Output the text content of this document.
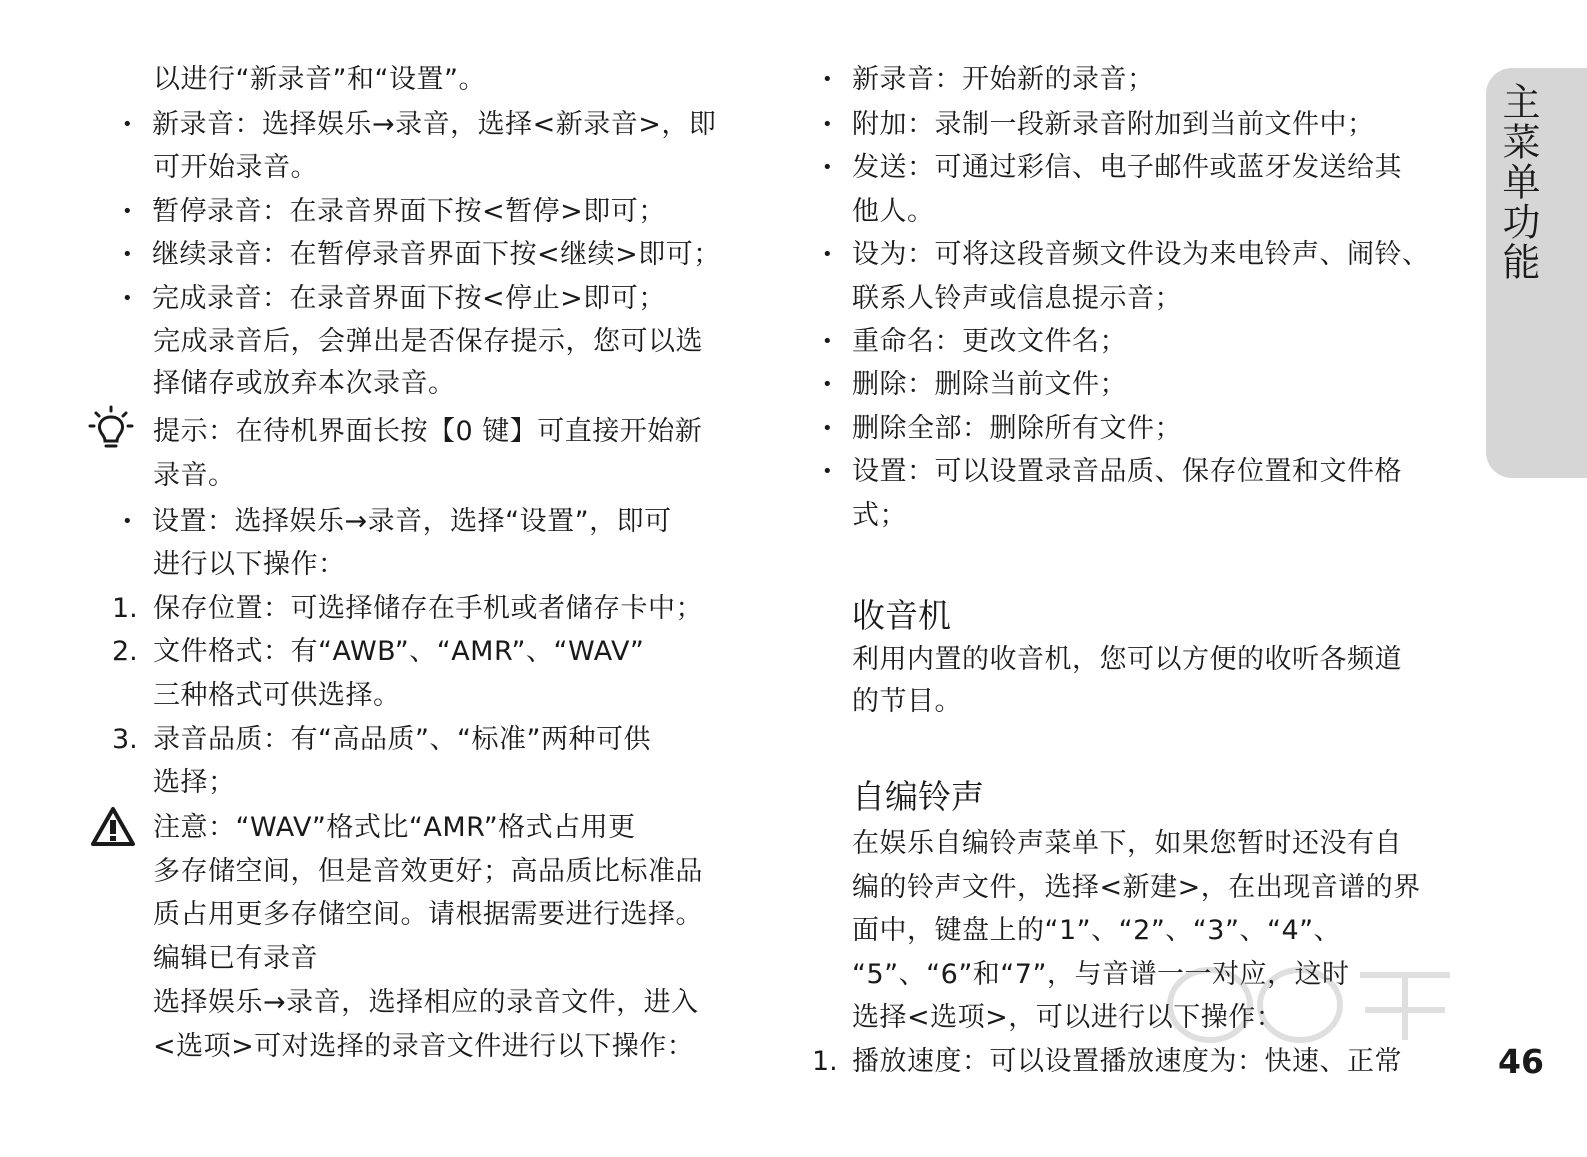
主菜单功能
以进行“新录音”和“设置”。
• 新录音：选择娱乐→录音，选择<新录音>，即
可开始录音。
• 暂停录音：在录音界面下按<暂停>即可；
• 继续录音：在暂停录音界面下按<继续>即可；
• 完成录音：在录音界面下按<停止>即可；
完成录音后，会弹出是否保存提示，您可以选
择储存或放弃本次录音。
提示：在待机界面长按【0 键】可直接开始新
录音。
• 设置：选择娱乐→录音，选择“设置”，即可
进行以下操作：
1. 保存位置：可选择储存在手机或者储存卡中；
2. 文件格式：有“AWB”、“AMR”、“WAV”
三种格式可供选择。
3. 录音品质：有“高品质”、“标准”两种可供
选择；
注意：“WAV”格式比“AMR”格式占用更
多存储空间，但是音效更好；高品质比标准品
质占用更多存储空间。请根据需要进行选择。
编辑已有录音
选择娱乐→录音，选择相应的录音文件，进入
<选项>可对选择的录音文件进行以下操作：
• 新录音：开始新的录音；
• 附加：录制一段新录音附加到当前文件中；
• 发送：可通过彩信、电子邮件或蓝牙发送给其
他人。
• 设为：可将这段音频文件设为来电铃声、闹铃、
联系人铃声或信息提示音；
• 重命名：更改文件名；
• 删除：删除当前文件；
• 删除全部：删除所有文件；
• 设置：可以设置录音品质、保存位置和文件格
式；
收音机
利用内置的收音机，您可以方便的收听各频道
的节目。
自编铃声
在娱乐自编铃声菜单下，如果您暂时还没有自
编的铃声文件，选择<新建>，在出现音谱的界
面中，键盘上的“1”、“2”、“3”、“4”、
“5”、“6”和“7”，与音谱一一对应，这时
选择<选项>，可以进行以下操作：
1. 播放速度：可以设置播放速度为：快速、正常	46
